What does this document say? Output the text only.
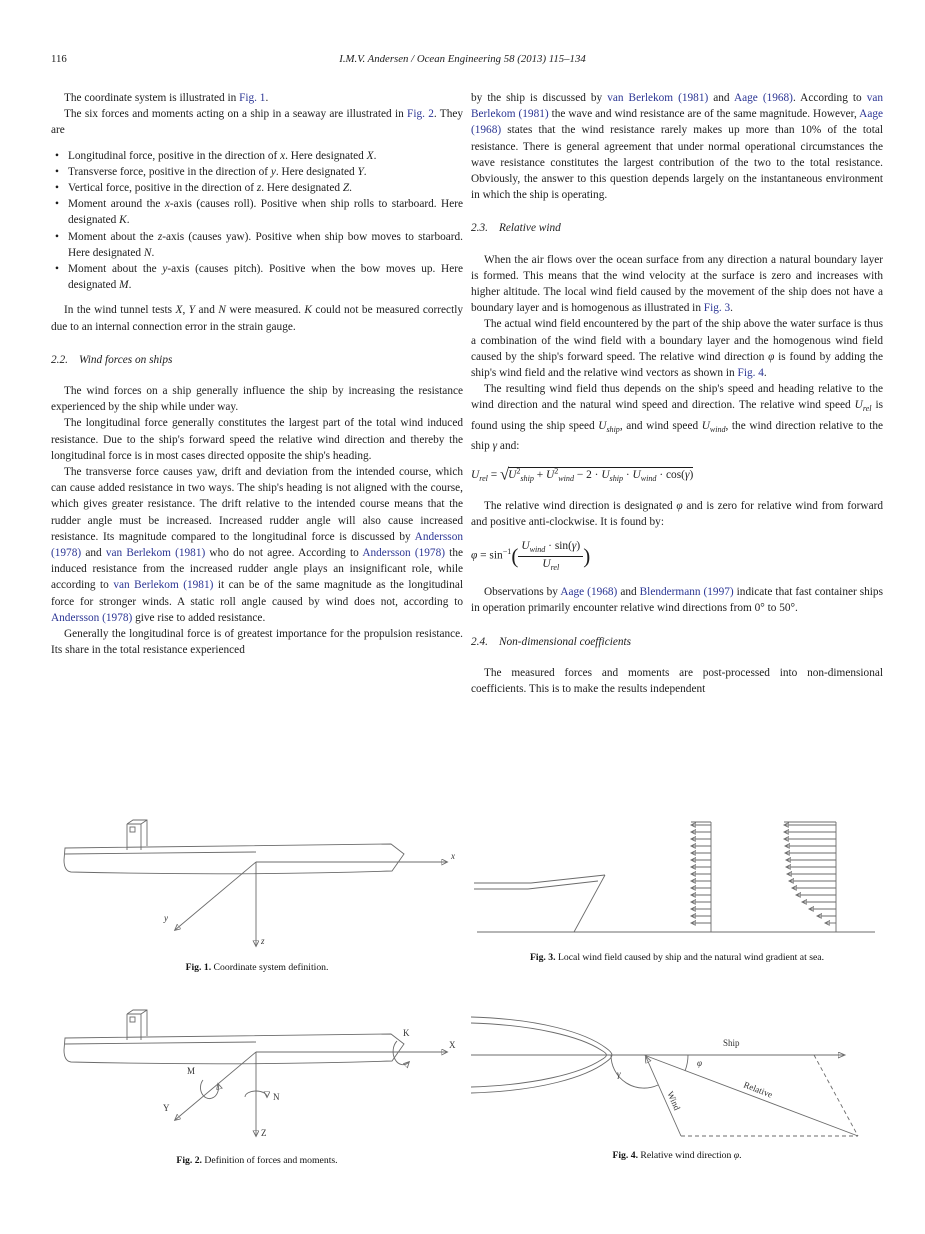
116	I.M.V. Andersen / Ocean Engineering 58 (2013) 115–134

The coordinate system is illustrated in Fig. 1.

The six forces and moments acting on a ship in a seaway are illustrated in Fig. 2. They are

• Longitudinal force, positive in the direction of x. Here designated X.
• Transverse force, positive in the direction of y. Here designated Y.
• Vertical force, positive in the direction of z. Here designated Z.
• Moment around the x-axis (causes roll). Positive when ship rolls to starboard. Here designated K.
• Moment about the z-axis (causes yaw). Positive when ship bow moves to starboard. Here designated N.
• Moment about the y-axis (causes pitch). Positive when the bow moves up. Here designated M.

In the wind tunnel tests X, Y and N were measured. K could not be measured correctly due to an internal connection error in the strain gauge.

2.2. Wind forces on ships

The wind forces on a ship generally influence the ship by increasing the resistance experienced by the ship while under way.

The longitudinal force generally constitutes the largest part of the total wind induced resistance. Due to the ship's forward speed the relative wind direction and thereby the longitudinal force is in most cases directed opposite the ship's heading.

The transverse force causes yaw, drift and deviation from the intended course, which can cause added resistance in two ways. The ship's heading is not aligned with the course, which gives greater resistance. The drift relative to the intended course means that the rudder angle must be increased. Increased rudder angle will also cause increased resistance. Its magnitude compared to the longitudinal force is discussed by Andersson (1978) and van Berlekom (1981) who do not agree. According to Andersson (1978) the induced resistance from the increased rudder angle plays an insignificant role, while according to van Berlekom (1981) it can be of the same magnitude as the longitudinal force for stronger winds. A static roll angle caused by wind does not, according to Andersson (1978) give rise to added resistance.

Generally the longitudinal force is of greatest importance for the propulsion resistance. Its share in the total resistance experienced

by the ship is discussed by van Berlekom (1981) and Aage (1968). According to van Berlekom (1981) the wave and wind resistance are of the same magnitude. However, Aage (1968) states that the wind resistance rarely makes up more than 10% of the total resistance. There is general agreement that under normal operational circumstances the wave resistance constitutes the largest contribution of the two to the total resistance. Obviously, the answer to this question depends largely on the instantaneous environment in which the ship is operating.

2.3. Relative wind

When the air flows over the ocean surface from any direction a natural boundary layer is formed. This means that the wind velocity at the surface is zero and increases with higher altitude. The local wind field caused by the movement of the ship does not have a boundary layer and is homogenous as illustrated in Fig. 3.

The actual wind field encountered by the part of the ship above the water surface is thus a combination of the wind field with a boundary layer and the homogenous wind field caused by the ship's forward speed. The relative wind direction φ is found by adding the ship's wind field and the relative wind vectors as shown in Fig. 4.

The resulting wind field thus depends on the ship's speed and heading relative to the wind direction and the natural wind speed and direction. The relative wind speed $U_{rel}$ is found using the ship speed $U_{ship}$, and wind speed $U_{wind}$, the wind direction relative to the ship γ and:

$U_{rel} = √U^2_{ship} + U^2_{wind} - 2 \cdot U_{ship} \cdot U_{wind} \cdot \cos(\gamma)$

The relative wind direction is designated φ and is zero for relative wind from forward and positive anti-clockwise. It is found by:

$\varphi = \sin^{-1}( \frac{U_{wind} \cdot \sin(\gamma)}{U_{rel}}$ )

Observations by Aage (1968) and Blendermann (1997) indicate that fast container ships in operation primarily encounter relative wind directions from 0° to 50°.

2.4. Non-dimensional coefficients

The measured forces and moments are post-processed into non-dimensional coefficients. This is to make the results independent

x
y
z
Fig. 1. Coordinate system definition.
Fig. 3. Local wind field caused by ship and the natural wind gradient at sea.
X
K
M
N
Y
Z
Fig. 2. Definition of forces and moments.
Ship
φ
γ
Wind
Relative
Fig. 4. Relative wind direction φ.
